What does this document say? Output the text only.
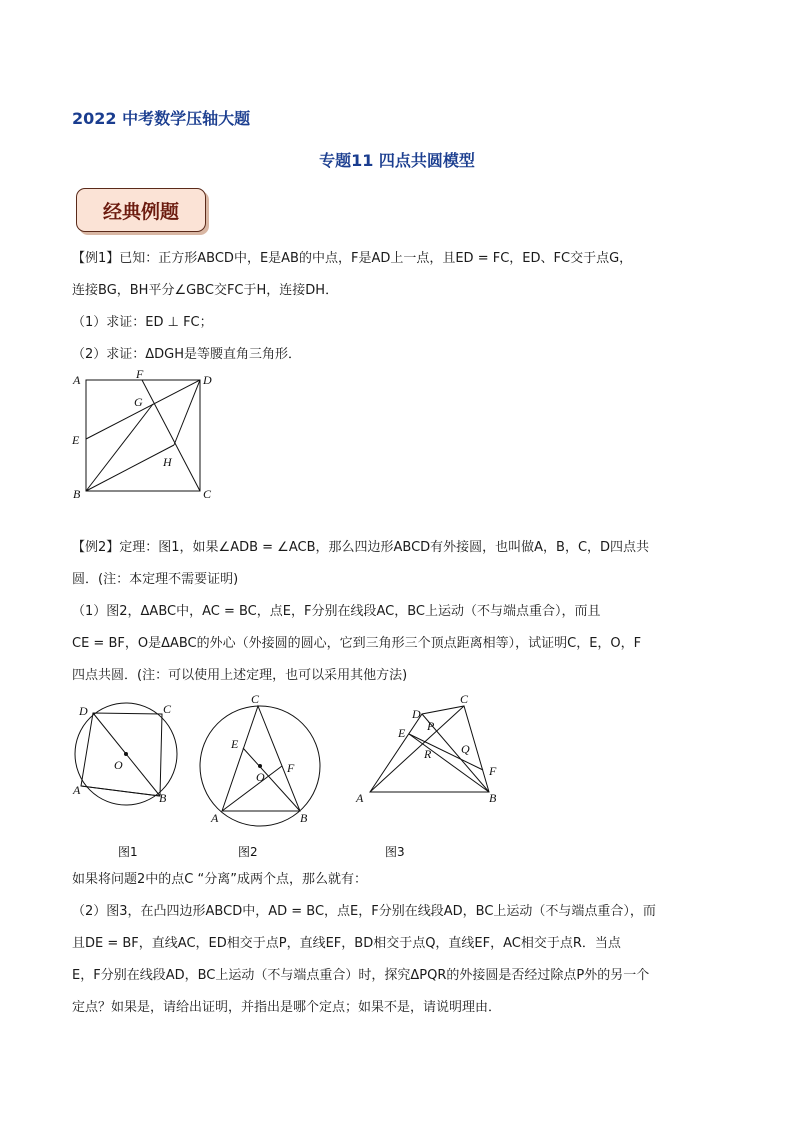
2022 中考数学压轴大题
专题11 四点共圆模型
经典例题

【例1】已知：正方形ABCD中，E是AB的中点，F是AD上一点，且ED = FC，ED、FC交于点G，

连接BG，BH平分∠GBC交FC于H，连接DH．

（1）求证：ED ⊥ FC；

（2）求证：ΔDGH是等腰直角三角形．

A	F	D
G
E
H
B	C

【例2】定理：图1，如果∠ADB = ∠ACB，那么四边形ABCD有外接圆，也叫做A，B，C，D四点共

圆．(注：本定理不需要证明)

（1）图2，ΔABC中，AC = BC，点E，F分别在线段AC，BC上运动（不与端点重合），而且

CE = BF，O是ΔABC的外心（外接圆的圆心，它到三角形三个顶点距离相等），试证明C，E，O，F

四点共圆．(注：可以使用上述定理，也可以采用其他方法)

D	C
O
A
B
图1
C
E
O
F
A	B
图2
C
D
P
E
Q
R
F
A	B
图3

如果将问题2中的点C “分离”成两个点，那么就有：

（2）图3，在凸四边形ABCD中，AD = BC，点E，F分别在线段AD，BC上运动（不与端点重合），而

且DE = BF，直线AC，ED相交于点P，直线EF，BD相交于点Q，直线EF，AC相交于点R．当点

E，F分别在线段AD，BC上运动（不与端点重合）时，探究ΔPQR的外接圆是否经过除点P外的另一个

定点？如果是，请给出证明，并指出是哪个定点；如果不是，请说明理由．
